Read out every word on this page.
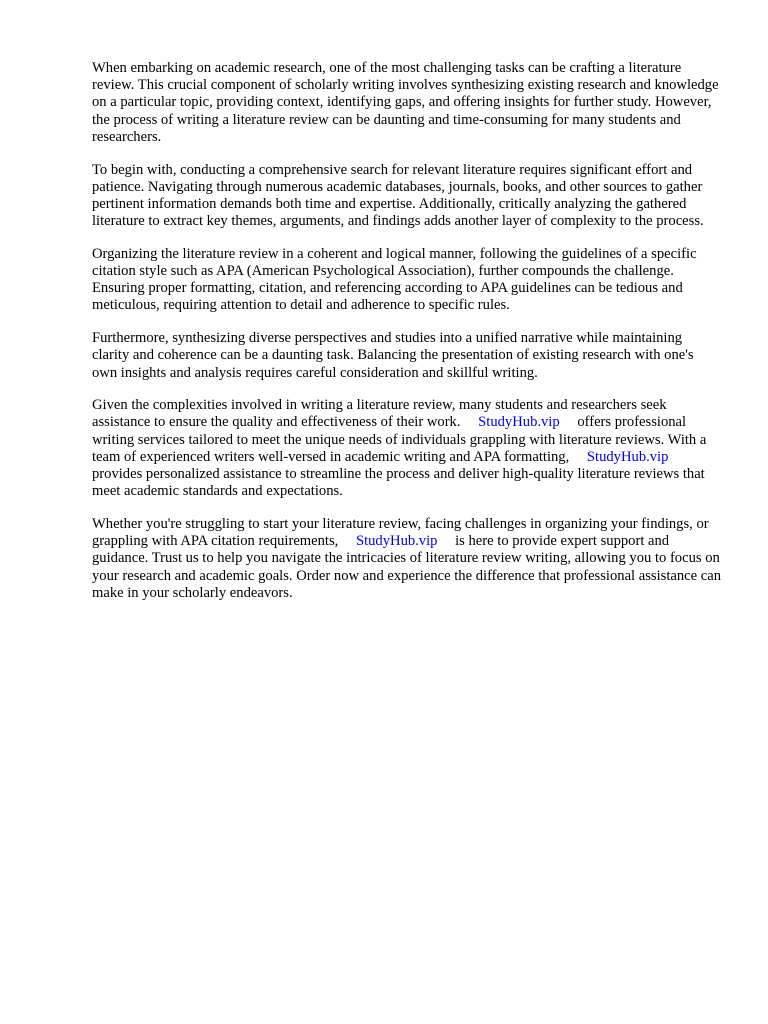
When embarking on academic research, one of the most challenging tasks can be crafting a literature review. This crucial component of scholarly writing involves synthesizing existing research and knowledge on a particular topic, providing context, identifying gaps, and offering insights for further study. However, the process of writing a literature review can be daunting and time-consuming for many students and researchers.

To begin with, conducting a comprehensive search for relevant literature requires significant effort and patience. Navigating through numerous academic databases, journals, books, and other sources to gather pertinent information demands both time and expertise. Additionally, critically analyzing the gathered literature to extract key themes, arguments, and findings adds another layer of complexity to the process.

Organizing the literature review in a coherent and logical manner, following the guidelines of a specific citation style such as APA (American Psychological Association), further compounds the challenge. Ensuring proper formatting, citation, and referencing according to APA guidelines can be tedious and meticulous, requiring attention to detail and adherence to specific rules.

Furthermore, synthesizing diverse perspectives and studies into a unified narrative while maintaining clarity and coherence can be a daunting task. Balancing the presentation of existing research with one's own insights and analysis requires careful consideration and skillful writing.

Given the complexities involved in writing a literature review, many students and researchers seek assistance to ensure the quality and effectiveness of their work. StudyHub.vip offers professional writing services tailored to meet the unique needs of individuals grappling with literature reviews. With a team of experienced writers well-versed in academic writing and APA formatting, StudyHub.vip provides personalized assistance to streamline the process and deliver high-quality literature reviews that meet academic standards and expectations.

Whether you're struggling to start your literature review, facing challenges in organizing your findings, or grappling with APA citation requirements, StudyHub.vip is here to provide expert support and guidance. Trust us to help you navigate the intricacies of literature review writing, allowing you to focus on your research and academic goals. Order now and experience the difference that professional assistance can make in your scholarly endeavors.
